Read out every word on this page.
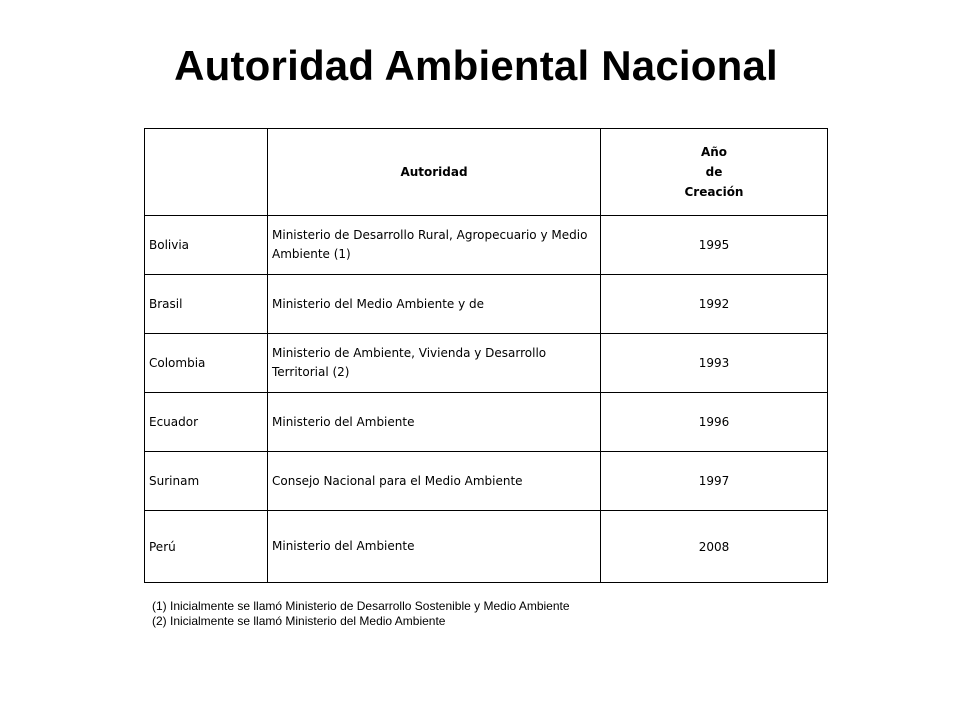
Autoridad Ambiental Nacional
	Autoridad	Año
de
Creación

Bolivia	Ministerio de Desarrollo Rural, Agropecuario y Medio Ambiente (1)	1995
Brasil	Ministerio del Medio Ambiente y de	1992
Colombia	Ministerio de Ambiente, Vivienda y Desarrollo Territorial (2)	1993
Ecuador	Ministerio del Ambiente	1996
Surinam	Consejo Nacional para el Medio Ambiente	1997
Perú	Ministerio del Ambiente	2008
(1) Inicialmente se llamó Ministerio de Desarrollo Sostenible y Medio Ambiente
(2) Inicialmente se llamó Ministerio del Medio Ambiente
